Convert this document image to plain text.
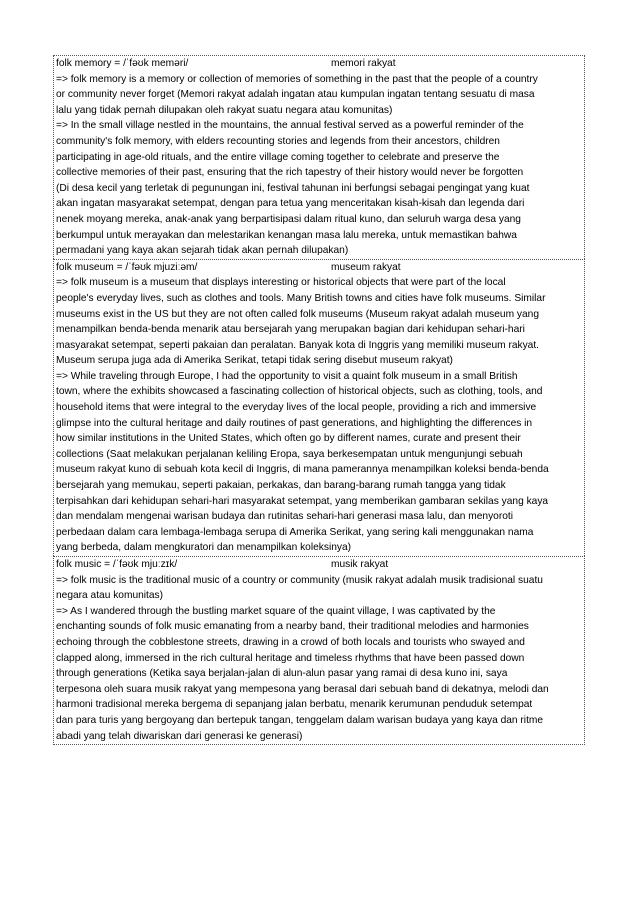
folk memory = /ˈfəʊk meməri/	memori rakyat
=> folk memory is a memory or collection of memories of something in the past that the people of a country
or community never forget (Memori rakyat adalah ingatan atau kumpulan ingatan tentang sesuatu di masa
lalu yang tidak pernah dilupakan oleh rakyat suatu negara atau komunitas)
=> In the small village nestled in the mountains, the annual festival served as a powerful reminder of the
community's folk memory, with elders recounting stories and legends from their ancestors, children
participating in age-old rituals, and the entire village coming together to celebrate and preserve the
collective memories of their past, ensuring that the rich tapestry of their history would never be forgotten
(Di desa kecil yang terletak di pegunungan ini, festival tahunan ini berfungsi sebagai pengingat yang kuat
akan ingatan masyarakat setempat, dengan para tetua yang menceritakan kisah-kisah dan legenda dari
nenek moyang mereka, anak-anak yang berpartisipasi dalam ritual kuno, dan seluruh warga desa yang
berkumpul untuk merayakan dan melestarikan kenangan masa lalu mereka, untuk memastikan bahwa
permadani yang kaya akan sejarah tidak akan pernah dilupakan)
folk museum = /ˈfəʊk mjuziːəm/	museum rakyat
=> folk museum is a museum that displays interesting or historical objects that were part of the local
people's everyday lives, such as clothes and tools. Many British towns and cities have folk museums. Similar
museums exist in the US but they are not often called folk museums (Museum rakyat adalah museum yang
menampilkan benda-benda menarik atau bersejarah yang merupakan bagian dari kehidupan sehari-hari
masyarakat setempat, seperti pakaian dan peralatan. Banyak kota di Inggris yang memiliki museum rakyat.
Museum serupa juga ada di Amerika Serikat, tetapi tidak sering disebut museum rakyat)
=> While traveling through Europe, I had the opportunity to visit a quaint folk museum in a small British
town, where the exhibits showcased a fascinating collection of historical objects, such as clothing, tools, and
household items that were integral to the everyday lives of the local people, providing a rich and immersive
glimpse into the cultural heritage and daily routines of past generations, and highlighting the differences in
how similar institutions in the United States, which often go by different names, curate and present their
collections (Saat melakukan perjalanan keliling Eropa, saya berkesempatan untuk mengunjungi sebuah
museum rakyat kuno di sebuah kota kecil di Inggris, di mana pamerannya menampilkan koleksi benda-benda
bersejarah yang memukau, seperti pakaian, perkakas, dan barang-barang rumah tangga yang tidak
terpisahkan dari kehidupan sehari-hari masyarakat setempat, yang memberikan gambaran sekilas yang kaya
dan mendalam mengenai warisan budaya dan rutinitas sehari-hari generasi masa lalu, dan menyoroti
perbedaan dalam cara lembaga-lembaga serupa di Amerika Serikat, yang sering kali menggunakan nama
yang berbeda, dalam mengkuratori dan menampilkan koleksinya)
folk music = /ˈfəʊk mjuːzɪk/	musik rakyat
=> folk music is the traditional music of a country or community (musik rakyat adalah musik tradisional suatu
negara atau komunitas)
=> As I wandered through the bustling market square of the quaint village, I was captivated by the
enchanting sounds of folk music emanating from a nearby band, their traditional melodies and harmonies
echoing through the cobblestone streets, drawing in a crowd of both locals and tourists who swayed and
clapped along, immersed in the rich cultural heritage and timeless rhythms that have been passed down
through generations (Ketika saya berjalan-jalan di alun-alun pasar yang ramai di desa kuno ini, saya
terpesona oleh suara musik rakyat yang mempesona yang berasal dari sebuah band di dekatnya, melodi dan
harmoni tradisional mereka bergema di sepanjang jalan berbatu, menarik kerumunan penduduk setempat
dan para turis yang bergoyang dan bertepuk tangan, tenggelam dalam warisan budaya yang kaya dan ritme
abadi yang telah diwariskan dari generasi ke generasi)
